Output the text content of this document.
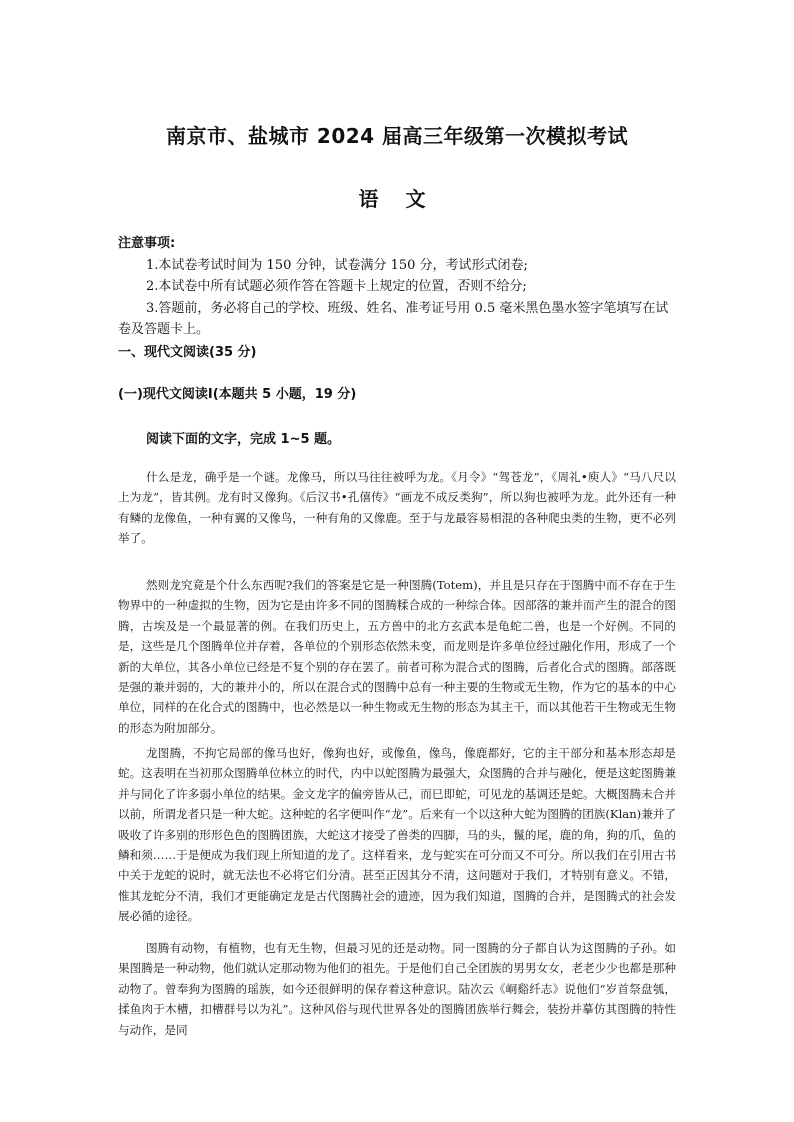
南京市、盐城市 2024 届高三年级第一次模拟考试
语 文
注意事项:
1.本试卷考试时间为 150 分钟，试卷满分 150 分，考试形式闭卷;
2.本试卷中所有试题必须作答在答题卡上规定的位置，否则不给分;
3.答题前，务必将自己的学校、班级、姓名、准考证号用 0.5 毫米黑色墨水签字笔填写在试卷及答题卡上。
一、现代文阅读(35 分)
(一)现代文阅读Ⅰ(本题共 5 小题，19 分)
阅读下面的文字，完成 1~5 题。
什么是龙，确乎是一个谜。龙像马，所以马往往被呼为龙。《月令》“驾苍龙”，《周礼•庾人》“马八尺以上为龙”，皆其例。龙有时又像狗。《后汉书•孔僖传》“画龙不成反类狗”，所以狗也被呼为龙。此外还有一种有鳞的龙像鱼，一种有翼的又像鸟，一种有角的又像鹿。至于与龙最容易相混的各种爬虫类的生物，更不必列举了。
然则龙究竟是个什么东西呢?我们的答案是它是一种图腾(Totem)，并且是只存在于图腾中而不存在于生物界中的一种虚拟的生物，因为它是由许多不同的图腾糅合成的一种综合体。因部落的兼并而产生的混合的图腾，古埃及是一个最显著的例。在我们历史上，五方兽中的北方玄武本是龟蛇二兽，也是一个好例。不同的是，这些是几个图腾单位并存着，各单位的个别形态依然未变，而龙则是许多单位经过融化作用，形成了一个新的大单位，其各小单位已经是不复个别的存在罢了。前者可称为混合式的图腾，后者化合式的图腾。部落既是强的兼并弱的，大的兼并小的，所以在混合式的图腾中总有一种主要的生物或无生物，作为它的基本的中心单位，同样的在化合式的图腾中，也必然是以一种生物或无生物的形态为其主干，而以其他若干生物或无生物的形态为附加部分。
龙图腾，不拘它局部的像马也好，像狗也好，或像鱼，像鸟，像鹿都好，它的主干部分和基本形态却是蛇。这表明在当初那众图腾单位林立的时代，内中以蛇图腾为最强大，众图腾的合并与融化，便是这蛇图腾兼并与同化了许多弱小单位的结果。金文龙字的偏旁皆从己，而巳即蛇，可见龙的基调还是蛇。大概图腾未合并以前，所谓龙者只是一种大蛇。这种蛇的名字便叫作“龙”。后来有一个以这种大蛇为图腾的团族(Klan)兼并了吸收了许多别的形形色色的图腾团族，大蛇这才接受了兽类的四脚，马的头，鬣的尾，鹿的角，狗的爪，鱼的鳞和须……于是便成为我们现上所知道的龙了。这样看来，龙与蛇实在可分而又不可分。所以我们在引用古书中关于龙蛇的说时，就无法也不必将它们分清。甚至正因其分不清，这问题对于我们，才特别有意义。不错，惟其龙蛇分不清，我们才更能确定龙是古代图腾社会的遗迹，因为我们知道，图腾的合并，是图腾式的社会发展必循的途径。
图腾有动物，有植物，也有无生物，但最习见的还是动物。同一图腾的分子都自认为这图腾的子孙。如果图腾是一种动物，他们就认定那动物为他们的祖先。于是他们自己全团族的男男女女，老老少少也都是那种动物了。曾奉狗为图腾的瑶族，如今还很鲜明的保存着这种意识。陆次云《峒谿纤志》说他们“岁首祭盘瓠，揉鱼肉于木槽，扣槽群号以为礼”。这种风俗与现代世界各处的图腾团族举行舞会，装扮并摹仿其图腾的特性与动作，是同
